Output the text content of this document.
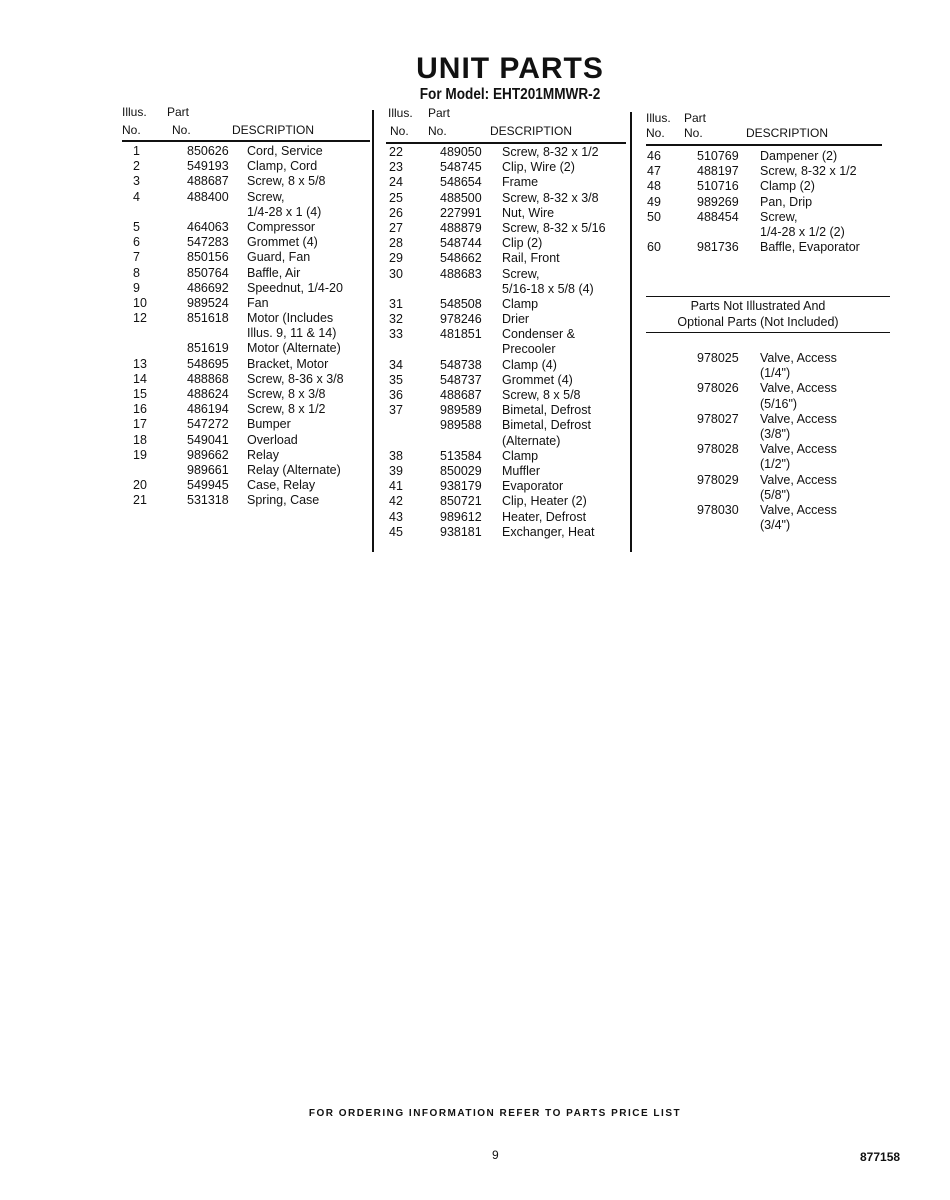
UNIT PARTS
For Model: EHT201MMWR-2
Illus. Part
No.	No.	DESCRIPTION
Illus. Part
No. No.	DESCRIPTION
Illus. Part
No. No.	DESCRIPTION
1	850626 Cord, Service
2	549193 Clamp, Cord
3	488687 Screw, 8 x 5/8
4	488400 Screw,
1/4-28 x 1 (4)
5	464063 Compressor
6	547283 Grommet (4)
7	850156 Guard, Fan
8	850764 Baffle, Air
9	486692 Speednut, 1/4-20
10	989524 Fan
12	851618 Motor (Includes
Illus. 9, 11 & 14)
851619 Motor (Alternate)
13	548695 Bracket, Motor
14	488868 Screw, 8-36 x 3/8
15	488624 Screw, 8 x 3/8
16	486194 Screw, 8 x 1/2
17	547272 Bumper
18	549041 Overload
19	989662 Relay
989661 Relay (Alternate)
20	549945 Case, Relay
21	531318 Spring, Case
22	489050 Screw, 8-32 x 1/2
23	548745 Clip, Wire (2)
24	548654 Frame
25	488500 Screw, 8-32 x 3/8
26	227991 Nut, Wire
27	488879 Screw, 8-32 x 5/16
28	548744 Clip (2)
29	548662 Rail, Front
30	488683 Screw,
5/16-18 x 5/8 (4)
31	548508 Clamp
32	978246 Drier
33	481851 Condenser &
Precooler
34	548738 Clamp (4)
35	548737 Grommet (4)
36	488687 Screw, 8 x 5/8
37	989589 Bimetal, Defrost
989588 Bimetal, Defrost
(Alternate)
38	513584 Clamp
39	850029 Muffler
41	938179 Evaporator
42	850721 Clip, Heater (2)
43	989612 Heater, Defrost
45	938181 Exchanger, Heat
46	510769 Dampener (2)
47	488197 Screw, 8-32 x 1/2
48	510716 Clamp (2)
49	989269 Pan, Drip
50	488454 Screw,
1/4-28 x 1/2 (2)
60	981736 Baffle, Evaporator
Parts Not Illustrated And
Optional Parts (Not Included)
978025 Valve, Access
(1/4")
978026 Valve, Access
(5/16")
978027 Valve, Access
(3/8")
978028 Valve, Access
(1/2")
978029 Valve, Access
(5/8")
978030 Valve, Access
(3/4")
FOR ORDERING INFORMATION REFER TO PARTS PRICE LIST
9	877158
